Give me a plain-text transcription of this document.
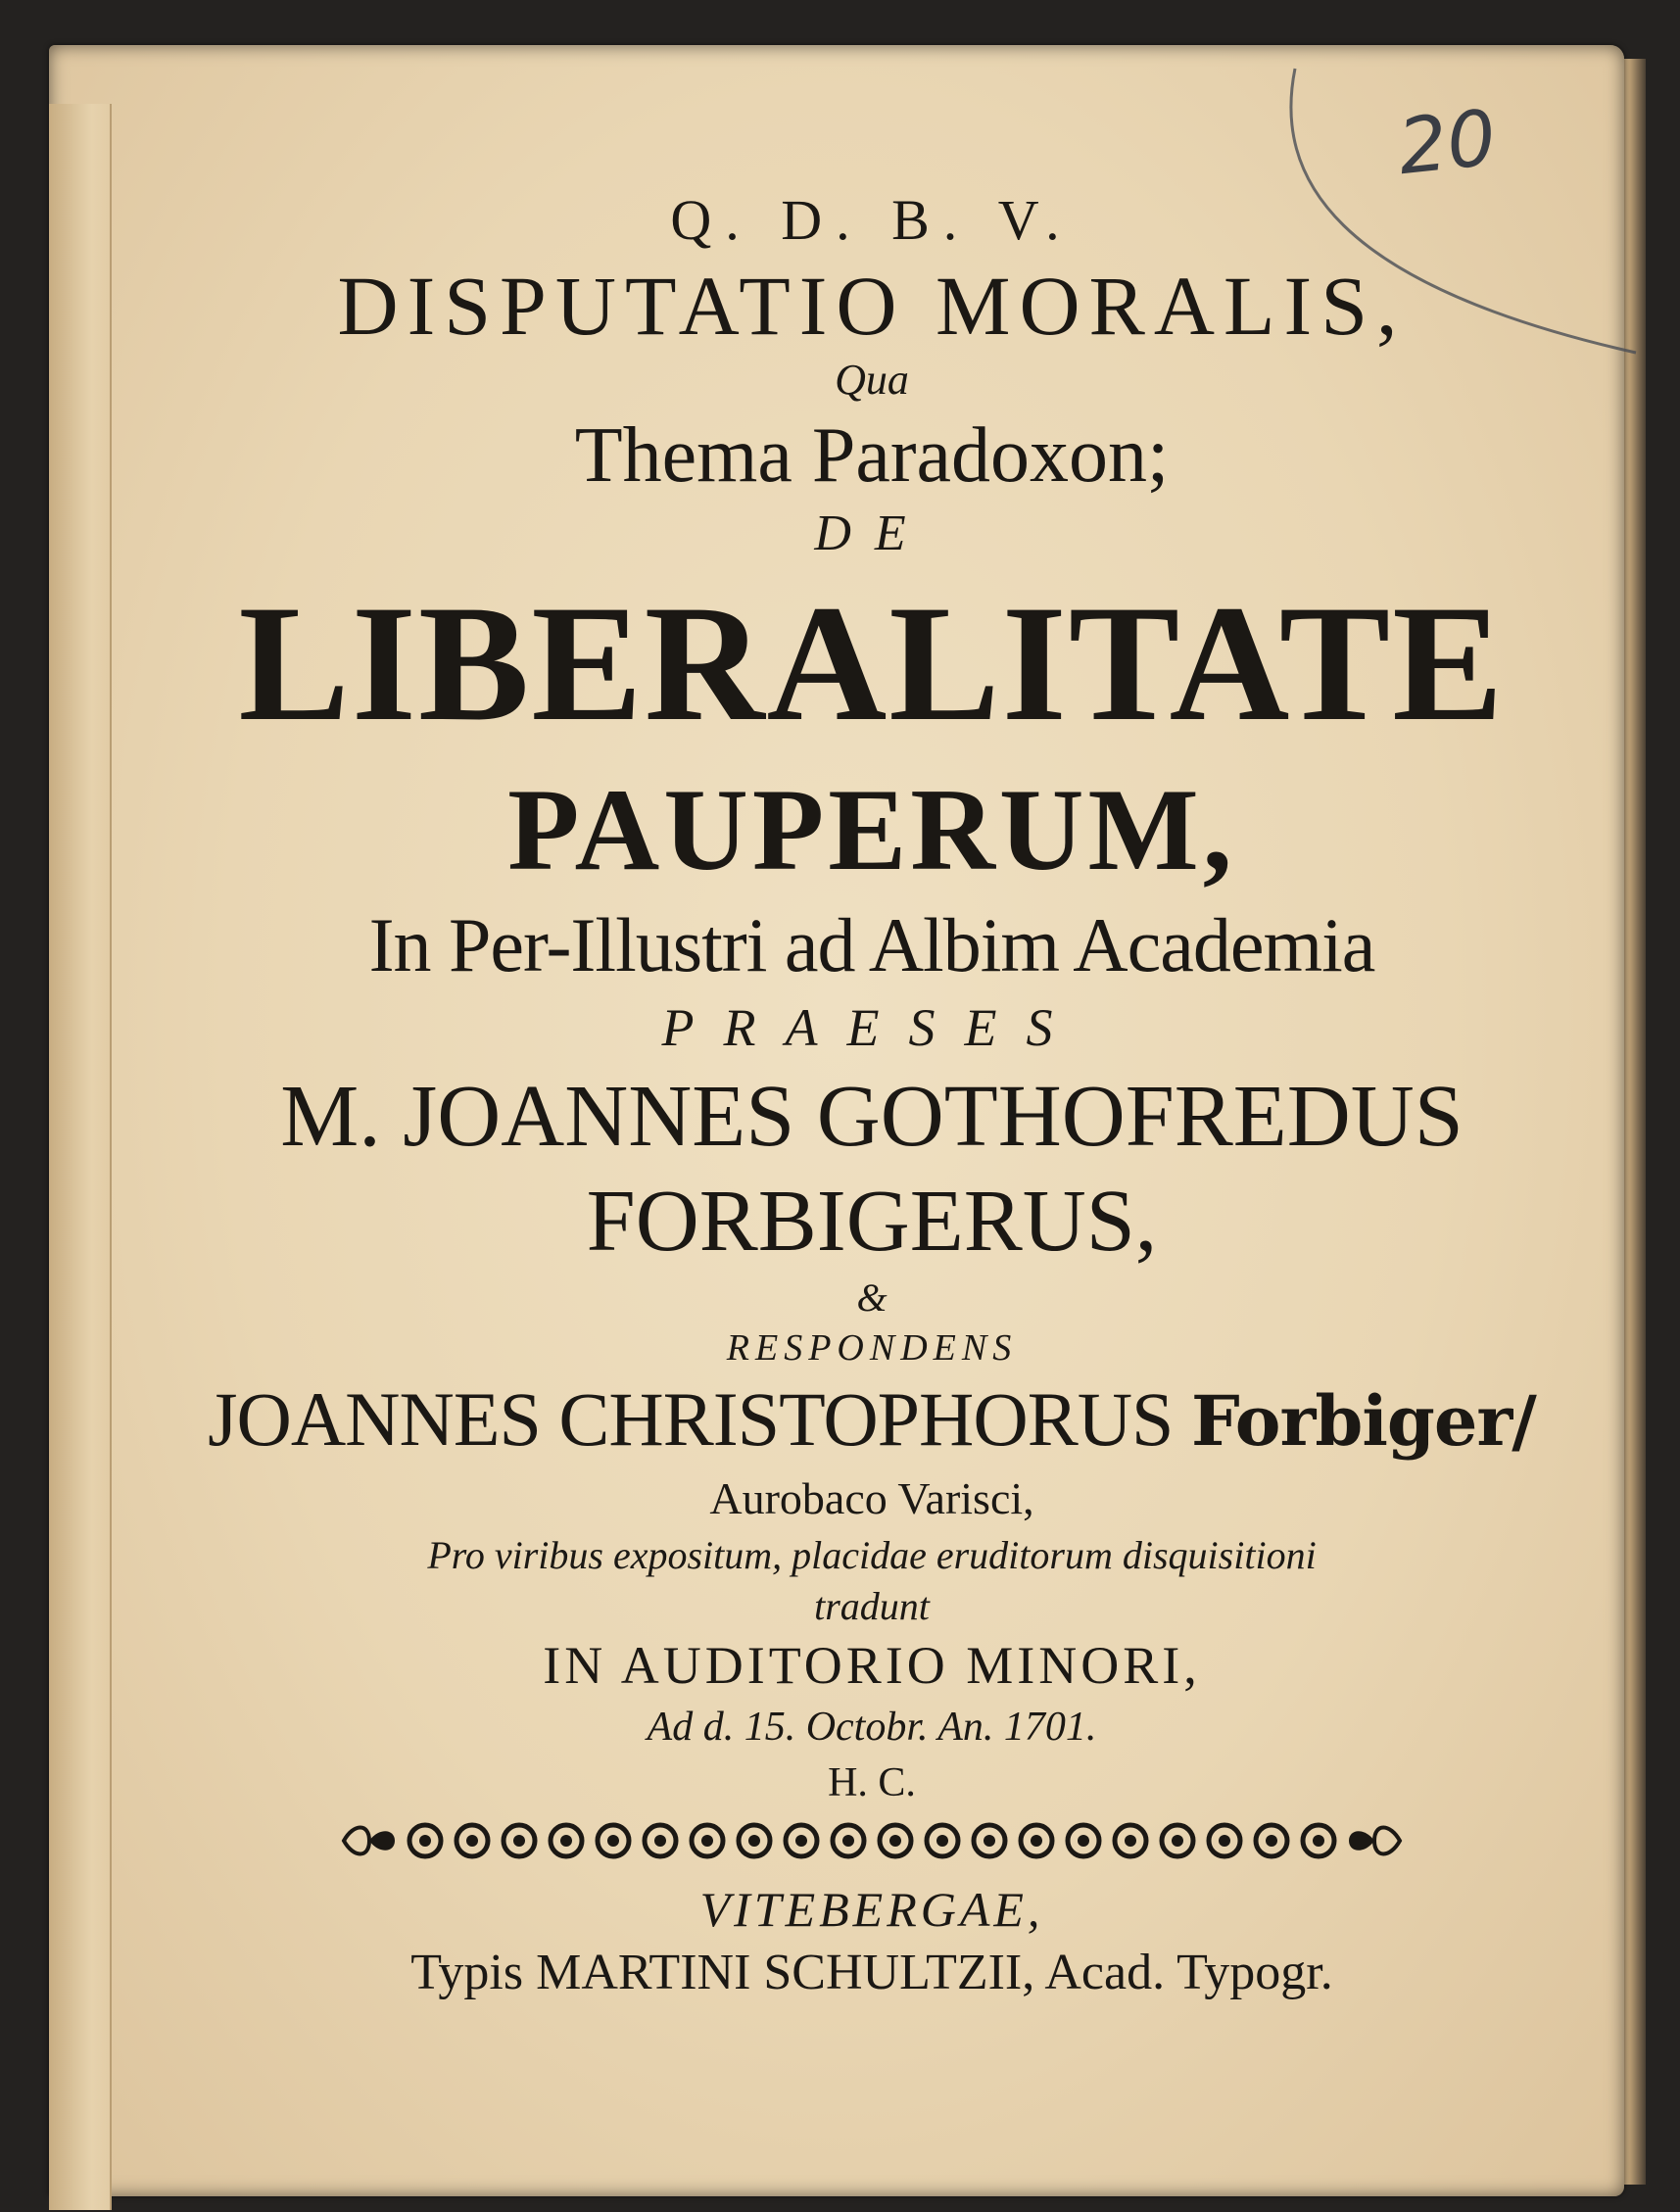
20
Q. D. B. V.
DISPUTATIO MORALIS,
Qua
Thema Paradoxon;
DE
LIBERALITATE
PAUPERUM,
In Per-Illustri ad Albim Academia
PRAESES
M. JOANNES GOTHOFREDUS
FORBIGERUS,
&
RESPONDENS
JOANNES CHRISTOPHORUS Forbiger/
Aurobaco Varisci,
Pro viribus expositum, placidae eruditorum disquisitioni
tradunt
IN AUDITORIO MINORI,
Ad d. 15. Octobr. An. 1701.
H. C.
VITEBERGAE,
Typis MARTINI SCHULTZII, Acad. Typogr.
